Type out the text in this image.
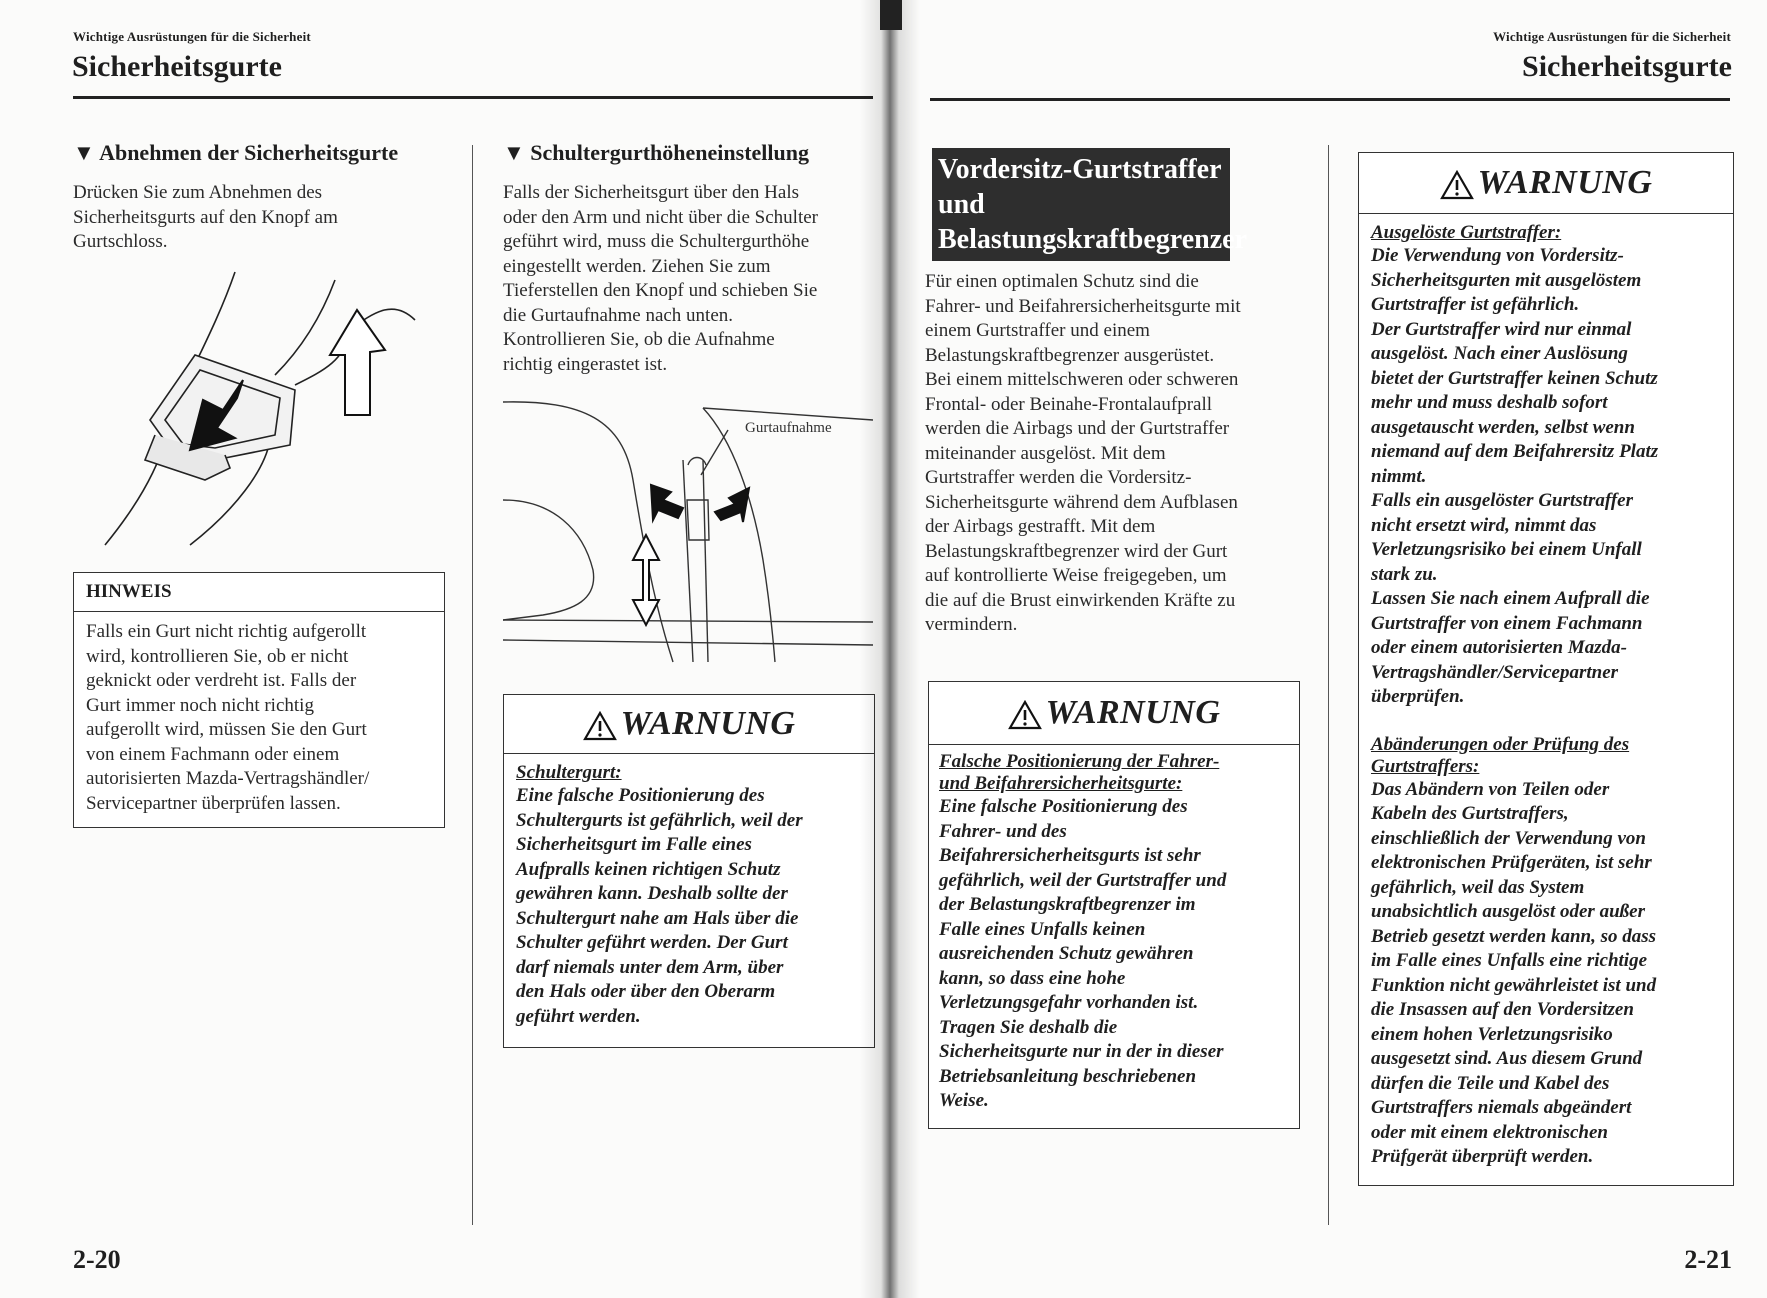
Wichtige Ausrüstungen für die Sicherheit
Sicherheitsgurte
▼ Abnehmen der Sicherheitsgurte
Drücken Sie zum Abnehmen des
Sicherheitsgurts auf den Knopf am
Gurtschloss.
HINWEIS
Falls ein Gurt nicht richtig aufgerollt
wird, kontrollieren Sie, ob er nicht
geknickt oder verdreht ist. Falls der
Gurt immer noch nicht richtig
aufgerollt wird, müssen Sie den Gurt
von einem Fachmann oder einem
autorisierten Mazda-Vertragshändler/
Servicepartner überprüfen lassen.
▼ Schultergurthöheneinstellung
Falls der Sicherheitsgurt über den Hals
oder den Arm und nicht über die Schulter
geführt wird, muss die Schultergurthöhe
eingestellt werden. Ziehen Sie zum
Tieferstellen den Knopf und schieben Sie
die Gurtaufnahme nach unten.
Kontrollieren Sie, ob die Aufnahme
richtig eingerastet ist.
Gurtaufnahme
WARNUNG
Schultergurt:
Eine falsche Positionierung des
Schultergurts ist gefährlich, weil der
Sicherheitsgurt im Falle eines
Aufpralls keinen richtigen Schutz
gewähren kann. Deshalb sollte der
Schultergurt nahe am Hals über die
Schulter geführt werden. Der Gurt
darf niemals unter dem Arm, über
den Hals oder über den Oberarm
geführt werden.
2-20
Wichtige Ausrüstungen für die Sicherheit
Sicherheitsgurte
Vordersitz-Gurtstraffer
und
Belastungskraftbegrenzer
Für einen optimalen Schutz sind die
Fahrer- und Beifahrersicherheitsgurte mit
einem Gurtstraffer und einem
Belastungskraftbegrenzer ausgerüstet.
Bei einem mittelschweren oder schweren
Frontal- oder Beinahe-Frontalaufprall
werden die Airbags und der Gurtstraffer
miteinander ausgelöst. Mit dem
Gurtstraffer werden die Vordersitz-
Sicherheitsgurte während dem Aufblasen
der Airbags gestrafft. Mit dem
Belastungskraftbegrenzer wird der Gurt
auf kontrollierte Weise freigegeben, um
die auf die Brust einwirkenden Kräfte zu
vermindern.
WARNUNG
Falsche Positionierung der Fahrer-
und Beifahrersicherheitsgurte:
Eine falsche Positionierung des
Fahrer- und des
Beifahrersicherheitsgurts ist sehr
gefährlich, weil der Gurtstraffer und
der Belastungskraftbegrenzer im
Falle eines Unfalls keinen
ausreichenden Schutz gewähren
kann, so dass eine hohe
Verletzungsgefahr vorhanden ist.
Tragen Sie deshalb die
Sicherheitsgurte nur in der in dieser
Betriebsanleitung beschriebenen
Weise.
WARNUNG
Ausgelöste Gurtstraffer:
Die Verwendung von Vordersitz-
Sicherheitsgurten mit ausgelöstem
Gurtstraffer ist gefährlich.
Der Gurtstraffer wird nur einmal
ausgelöst. Nach einer Auslösung
bietet der Gurtstraffer keinen Schutz
mehr und muss deshalb sofort
ausgetauscht werden, selbst wenn
niemand auf dem Beifahrersitz Platz
nimmt.
Falls ein ausgelöster Gurtstraffer
nicht ersetzt wird, nimmt das
Verletzungsrisiko bei einem Unfall
stark zu.
Lassen Sie nach einem Aufprall die
Gurtstraffer von einem Fachmann
oder einem autorisierten Mazda-
Vertragshändler/Servicepartner
überprüfen.
Abänderungen oder Prüfung des
Gurtstraffers:
Das Abändern von Teilen oder
Kabeln des Gurtstraffers,
einschließlich der Verwendung von
elektronischen Prüfgeräten, ist sehr
gefährlich, weil das System
unabsichtlich ausgelöst oder außer
Betrieb gesetzt werden kann, so dass
im Falle eines Unfalls eine richtige
Funktion nicht gewährleistet ist und
die Insassen auf den Vordersitzen
einem hohen Verletzungsrisiko
ausgesetzt sind. Aus diesem Grund
dürfen die Teile und Kabel des
Gurtstraffers niemals abgeändert
oder mit einem elektronischen
Prüfgerät überprüft werden.
2-21
